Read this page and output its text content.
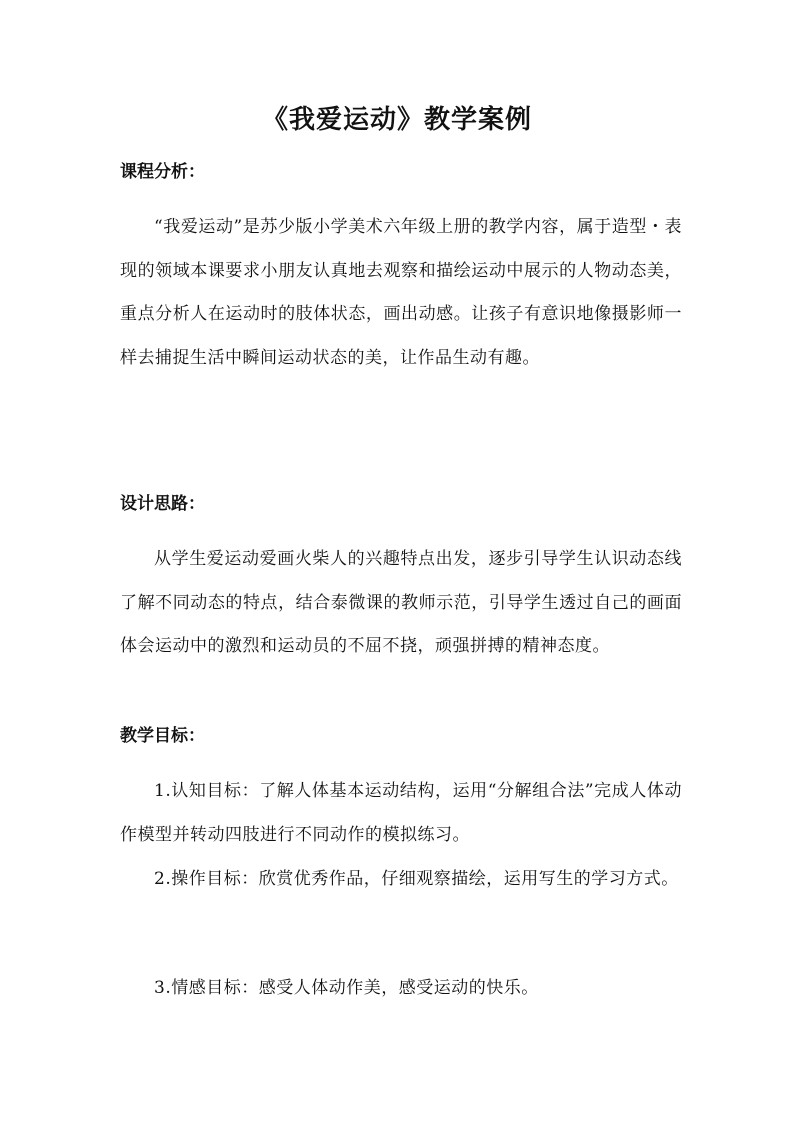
《我爱运动》教学案例
课程分析：

“我爱运动”是苏少版小学美术六年级上册的教学内容，属于造型・表现的领域本课要求小朋友认真地去观察和描绘运动中展示的人物动态美，重点分析人在运动时的肢体状态，画出动感。让孩子有意识地像摄影师一样去捕捉生活中瞬间运动状态的美，让作品生动有趣。

设计思路：

从学生爱运动爱画火柴人的兴趣特点出发，逐步引导学生认识动态线了解不同动态的特点，结合泰微课的教师示范，引导学生透过自己的画面体会运动中的激烈和运动员的不屈不挠，顽强拼搏的精神态度。

教学目标：

1.认知目标：了解人体基本运动结构，运用“分解组合法”完成人体动作模型并转动四肢进行不同动作的模拟练习。

2.操作目标：欣赏优秀作品，仔细观察描绘，运用写生的学习方式。

3.情感目标：感受人体动作美，感受运动的快乐。
